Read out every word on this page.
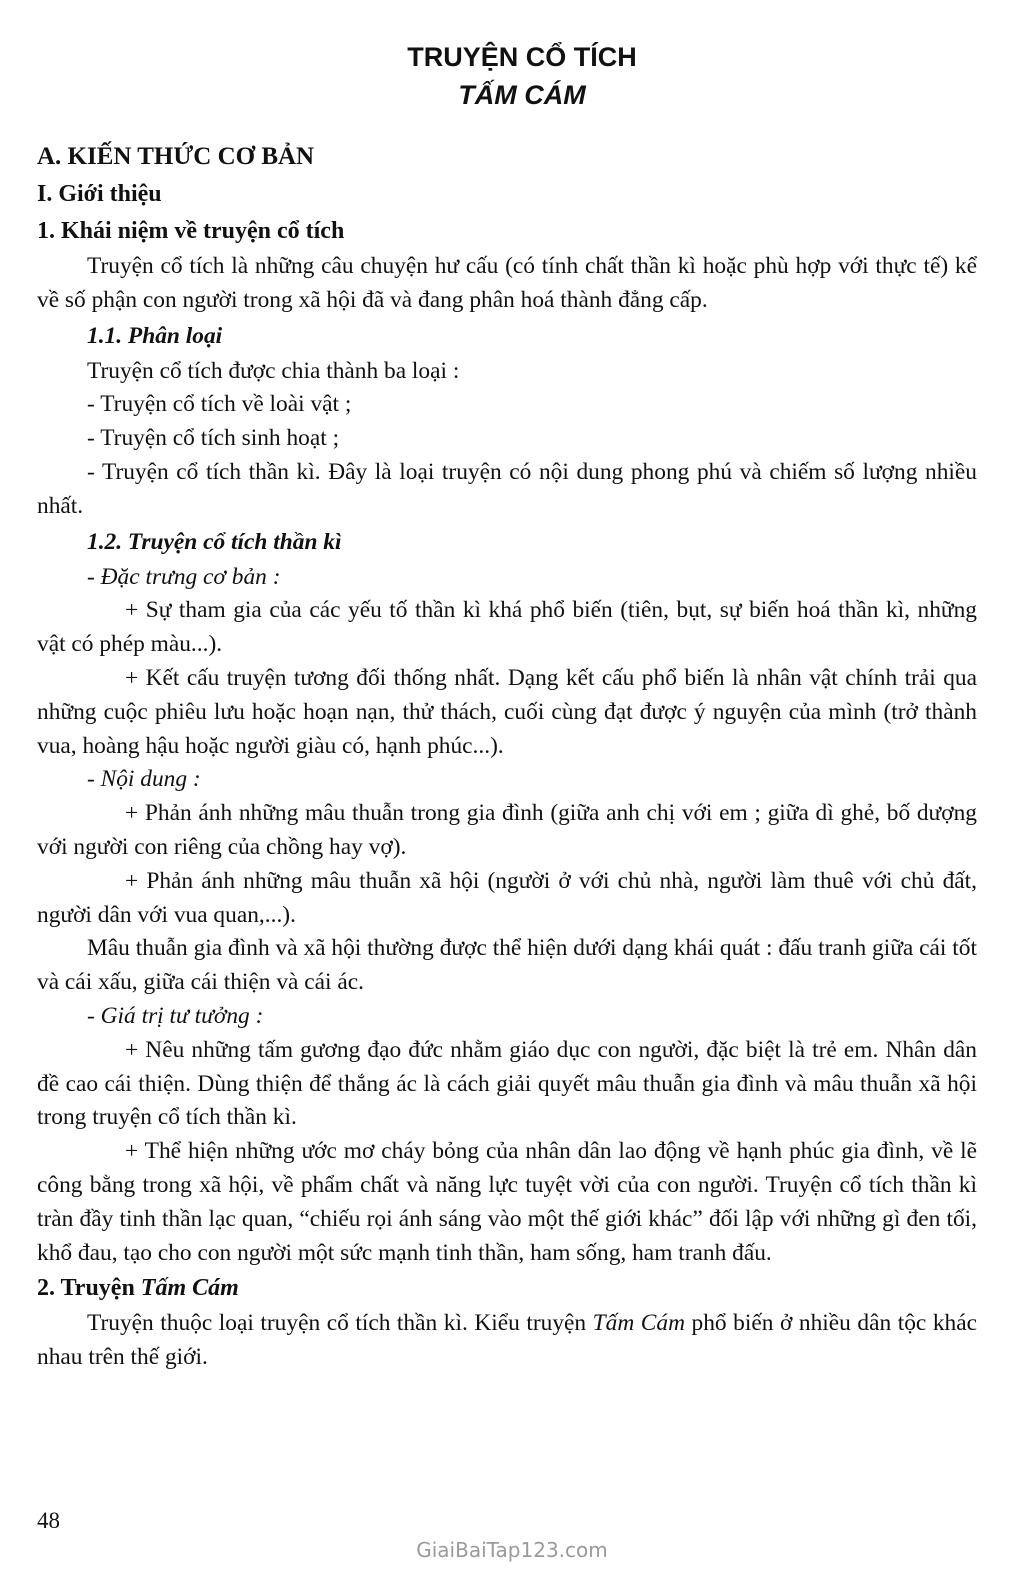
TRUYỆN CỔ TÍCH
TẤM CÁM
A. KIẾN THỨC CƠ BẢN
I. Giới thiệu
1. Khái niệm về truyện cổ tích
Truyện cổ tích là những câu chuyện hư cấu (có tính chất thần kì hoặc phù hợp với thực tế) kể về số phận con người trong xã hội đã và đang phân hoá thành đẳng cấp.
1.1. Phân loại
Truyện cổ tích được chia thành ba loại :
- Truyện cổ tích về loài vật ;
- Truyện cổ tích sinh hoạt ;
- Truyện cổ tích thần kì. Đây là loại truyện có nội dung phong phú và chiếm số lượng nhiều nhất.
1.2. Truyện cổ tích thần kì
- Đặc trưng cơ bản :
+ Sự tham gia của các yếu tố thần kì khá phổ biến (tiên, bụt, sự biến hoá thần kì, những vật có phép màu...).
+ Kết cấu truyện tương đối thống nhất. Dạng kết cấu phổ biến là nhân vật chính trải qua những cuộc phiêu lưu hoặc hoạn nạn, thử thách, cuối cùng đạt được ý nguyện của mình (trở thành vua, hoàng hậu hoặc người giàu có, hạnh phúc...).
- Nội dung :
+ Phản ánh những mâu thuẫn trong gia đình (giữa anh chị với em ; giữa dì ghẻ, bố dượng với người con riêng của chồng hay vợ).
+ Phản ánh những mâu thuẫn xã hội (người ở với chủ nhà, người làm thuê với chủ đất, người dân với vua quan,...).
Mâu thuẫn gia đình và xã hội thường được thể hiện dưới dạng khái quát : đấu tranh giữa cái tốt và cái xấu, giữa cái thiện và cái ác.
- Giá trị tư tưởng :
+ Nêu những tấm gương đạo đức nhằm giáo dục con người, đặc biệt là trẻ em. Nhân dân đề cao cái thiện. Dùng thiện để thắng ác là cách giải quyết mâu thuẫn gia đình và mâu thuẫn xã hội trong truyện cổ tích thần kì.
+ Thể hiện những ước mơ cháy bỏng của nhân dân lao động về hạnh phúc gia đình, về lẽ công bằng trong xã hội, về phẩm chất và năng lực tuyệt vời của con người. Truyện cổ tích thần kì tràn đầy tinh thần lạc quan, “chiếu rọi ánh sáng vào một thế giới khác” đối lập với những gì đen tối, khổ đau, tạo cho con người một sức mạnh tinh thần, ham sống, ham tranh đấu.
2. Truyện Tấm Cám
Truyện thuộc loại truyện cổ tích thần kì. Kiểu truyện Tấm Cám phổ biến ở nhiều dân tộc khác nhau trên thế giới.
48
GiaiBaiTap123.com
